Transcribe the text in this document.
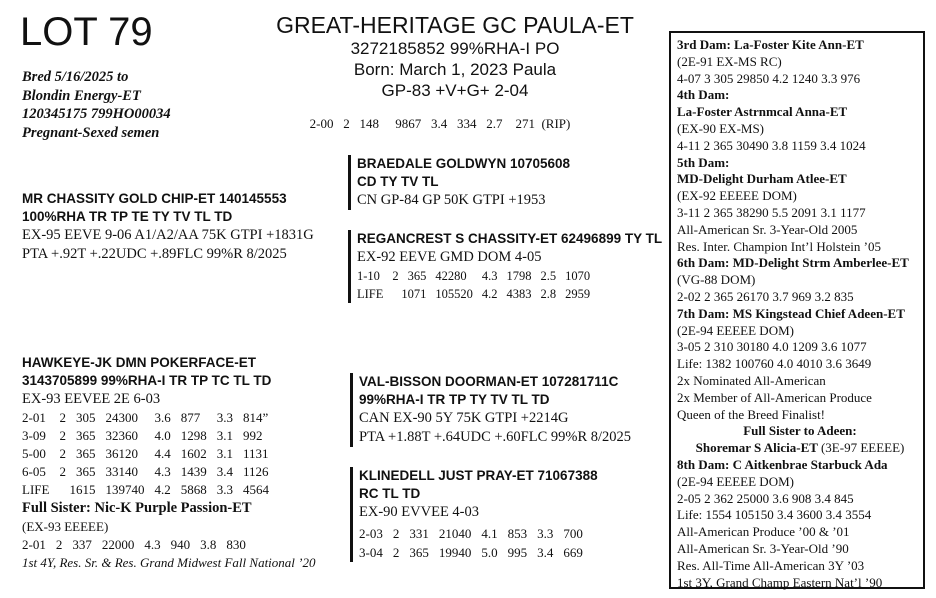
LOT 79	GREAT-HERITAGE GC PAULA-ET
3272185852 99%RHA-I PO
Born: March 1, 2023 Paula
GP-83 +V+G+ 2-04
2-00   2   148     9867   3.4   334   2.7    271  (RIP)
Bred 5/16/2025 to
Blondin Energy-ET
120345175 799HO00034
Pregnant-Sexed semen
MR CHASSITY GOLD CHIP-ET 140145553
100%RHA TR TP TE TY TV TL TD
EX-95 EEVE 9-06 A1/A2/AA 75K GTPI +1831G
PTA +.92T +.22UDC +.89FLC 99%R 8/2025
BRAEDALE GOLDWYN 10705608
CD TY TV TL
CN GP-84 GP 50K GTPI +1953
REGANCREST S CHASSITY-ET 62496899 TY TL
EX-92 EEVE GMD DOM 4-05
1-10	2	365	42280	4.3	1798	2.5	1070
LIFE	1071		105520	4.2	4383	2.8	2959
HAWKEYE-JK DMN POKERFACE-ET
3143705899 99%RHA-I TR TP TC TL TD
EX-93 EEVEE 2E 6-03
2-01	2	305	24300	3.6	877	3.3	814”
3-09	2	365	32360	4.0	1298	3.1	992
5-00	2	365	36120	4.4	1602	3.1	1131
6-05	2	365	33140	4.3	1439	3.4	1126
LIFE	1615		139740	4.2	5868	3.3	4564
Full Sister: Nic-K Purple Passion-ET
(EX-93 EEEEE)
2-01	2	337	22000	4.3	940	3.8	830
1st 4Y, Res. Sr. & Res. Grand Midwest Fall National ’20
VAL-BISSON DOORMAN-ET 107281711C
99%RHA-I TR TP TY TV TL TD
CAN EX-90 5Y 75K GTPI +2214G
PTA +1.88T +.64UDC +.60FLC 99%R 8/2025
KLINEDELL JUST PRAY-ET 71067388
RC TL TD
EX-90 EVVEE 4-03
2-03	2	331	21040	4.1	853	3.3	700
3-04	2	365	19940	5.0	995	3.4	669
3rd Dam: La-Foster Kite Ann-ET
(2E-91 EX-MS RC)
4-07 3 305 29850 4.2 1240 3.3 976
4th Dam:
La-Foster Astrnmcal Anna-ET
(EX-90 EX-MS)
4-11 2 365 30490 3.8 1159 3.4 1024
5th Dam:
MD-Delight Durham Atlee-ET
(EX-92 EEEEE DOM)
3-11 2 365 38290 5.5 2091 3.1 1177
All-American Sr. 3-Year-Old 2005
Res. Inter. Champion Int’l Holstein ’05
6th Dam: MD-Delight Strm Amberlee-ET
(VG-88 DOM)
2-02 2 365 26170 3.7 969 3.2 835
7th Dam: MS Kingstead Chief Adeen-ET
(2E-94 EEEEE DOM)
3-05 2 310 30180 4.0 1209 3.6 1077
Life: 1382 100760 4.0 4010 3.6 3649
2x Nominated All-American
2x Member of All-American Produce
Queen of the Breed Finalist!
Full Sister to Adeen:
Shoremar S Alicia-ET (3E-97 EEEEE)
8th Dam: C Aitkenbrae Starbuck Ada
(2E-94 EEEEE DOM)
2-05 2 362 25000 3.6 908 3.4 845
Life: 1554 105150 3.4 3600 3.4 3554
All-American Produce ’00 & ’01
All-American Sr. 3-Year-Old ’90
Res. All-Time All-American 3Y ’03
1st 3Y, Grand Champ Eastern Nat’l ’90
